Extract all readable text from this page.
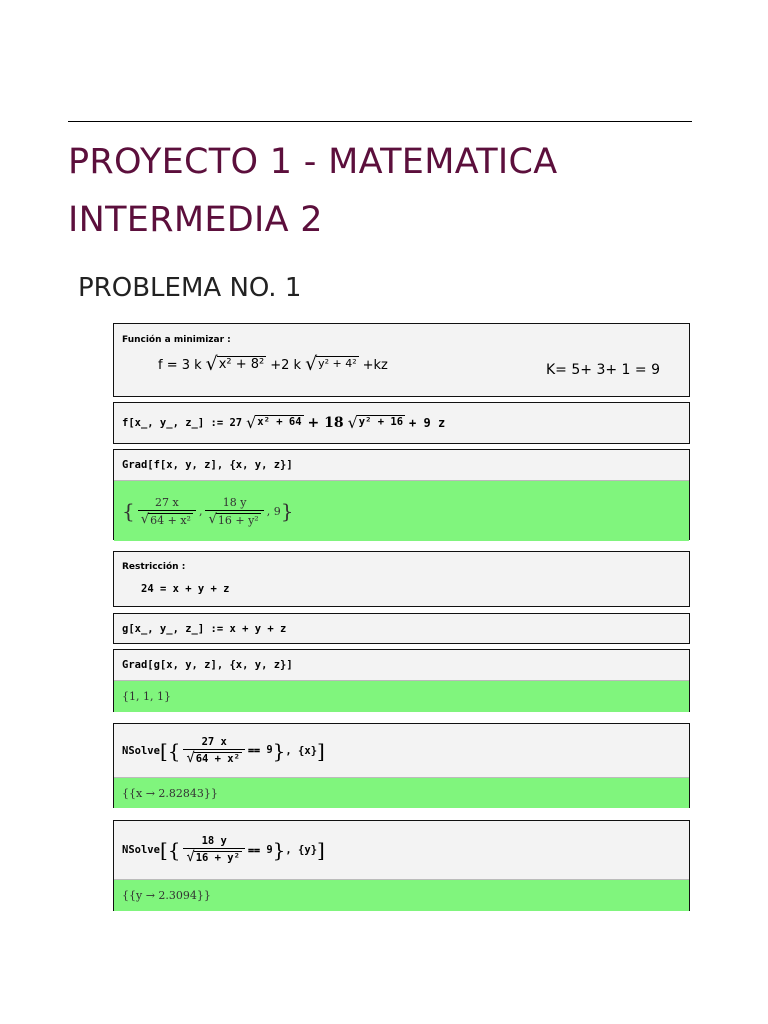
PROYECTO 1 - MATEMATICA
INTERMEDIA 2
PROBLEMA NO. 1
Función a minimizar :
f = 3 k √ x² + 8² +2 k √ y² + 4² +kz	K= 5+ 3+ 1 = 9
f[x_, y_, z_] := 27 √ x² + 64 + 18 √ y² + 16 + 9 z
Grad[f[x, y, z], {x, y, z}]
{ $\frac{27 x}{\text{√ 64 + x²}}$ , $\frac{18 y}{\text{√ 16 + y²}}$ , 9 }
Restricción :
24 = x + y + z
g[x_, y_, z_] := x + y + z
Grad[g[x, y, z], {x, y, z}]
{1, 1, 1}
NSolve [{ $\frac{27 x}{\text{√ 64 + x²}}$ ⩵ 9 } , {x} ]
{{x → 2.82843}}
NSolve [{ $\frac{18 y}{\text{√ 16 + y²}}$ ⩵ 9 } , {y} ]
{{y → 2.3094}}
